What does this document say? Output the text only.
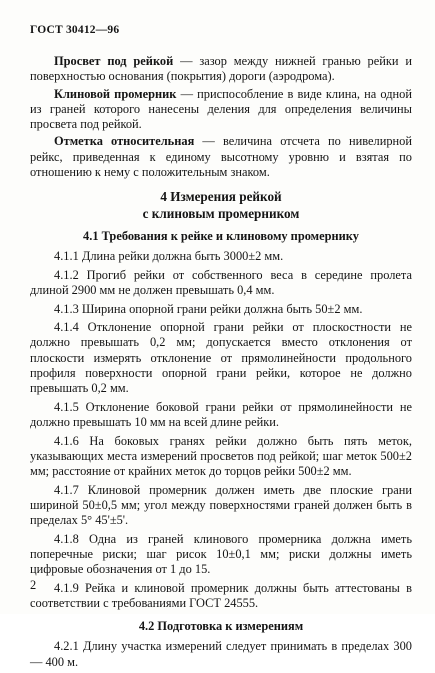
ГОСТ 30412—96

Просвет под рейкой — зазор между нижней гранью рейки и поверхностью основания (покрытия) дороги (аэродрома).

Клиновой промерник — приспособление в виде клина, на одной из граней которого нанесены деления для определения величины просвета под рейкой.

Отметка относительная — величина отсчета по нивелирной рейкс, приведенная к единому высотному уровню и взятая по отношению к нему с положительным знаком.

4 Измерения рейкой
с клиновым промерником

4.1 Требования к рейке и клиновому промернику

4.1.1 Длина рейки должна быть 3000±2 мм.

4.1.2 Прогиб рейки от собственного веса в середине пролета длиной 2900 мм не должен превышать 0,4 мм.

4.1.3 Ширина опорной грани рейки должна быть 50±2 мм.

4.1.4 Отклонение опорной грани рейки от плоскостности не должно превышать 0,2 мм; допускается вместо отклонения от плоскости измерять отклонение от прямолинейности продольного профиля поверхности опорной грани рейки, которое не должно превышать 0,2 мм.

4.1.5 Отклонение боковой грани рейки от прямолинейности не должно превышать 10 мм на всей длине рейки.

4.1.6 На боковых гранях рейки должно быть пять меток, указывающих места измерений просветов под рейкой; шаг меток 500±2 мм; расстояние от крайних меток до торцов рейки 500±2 мм.

4.1.7 Клиновой промерник должен иметь две плоские грани шириной 50±0,5 мм; угол между поверхностями граней должен быть в пределах 5° 45'±5'.

4.1.8 Одна из граней клинового промерника должна иметь поперечные риски; шаг рисок 10±0,1 мм; риски должны иметь цифровые обозначения от 1 до 15.

4.1.9 Рейка и клиновой промерник должны быть аттестованы в соответствии с требованиями ГОСТ 24555.

4.2 Подготовка к измерениям

4.2.1 Длину участка измерений следует принимать в пределах 300 — 400 м.

2
